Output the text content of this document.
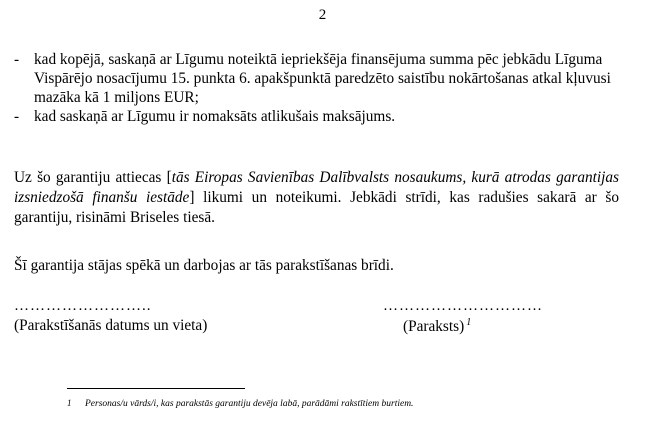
2
- kad kopējā, saskaņā ar Līgumu noteiktā iepriekšēja finansējuma summa pēc jebkādu Līguma Vispārējo nosacījumu 15. punkta 6. apakšpunktā paredzēto saistību nokārtošanas atkal kļuvusi mazāka kā 1 miljons EUR;
- kad saskaņā ar Līgumu ir nomaksāts atlikušais maksājums.

Uz šo garantiju attiecas [tās Eiropas Savienības Dalībvalsts nosaukums, kurā atrodas garantijas izsniedzošā finanšu iestāde] likumi un noteikumi. Jebkādi strīdi, kas radušies sakarā ar šo garantiju, risināmi Briseles tiesā.

Šī garantija stājas spēkā un darbojas ar tās parakstīšanas brīdi.

……………………..	…………………………
(Parakstīšanās datums un vieta)	(Paraksts) $^1$
1 Personas/u vārds/i, kas parakstās garantiju devēja labā, parādāmi rakstītiem burtiem.
